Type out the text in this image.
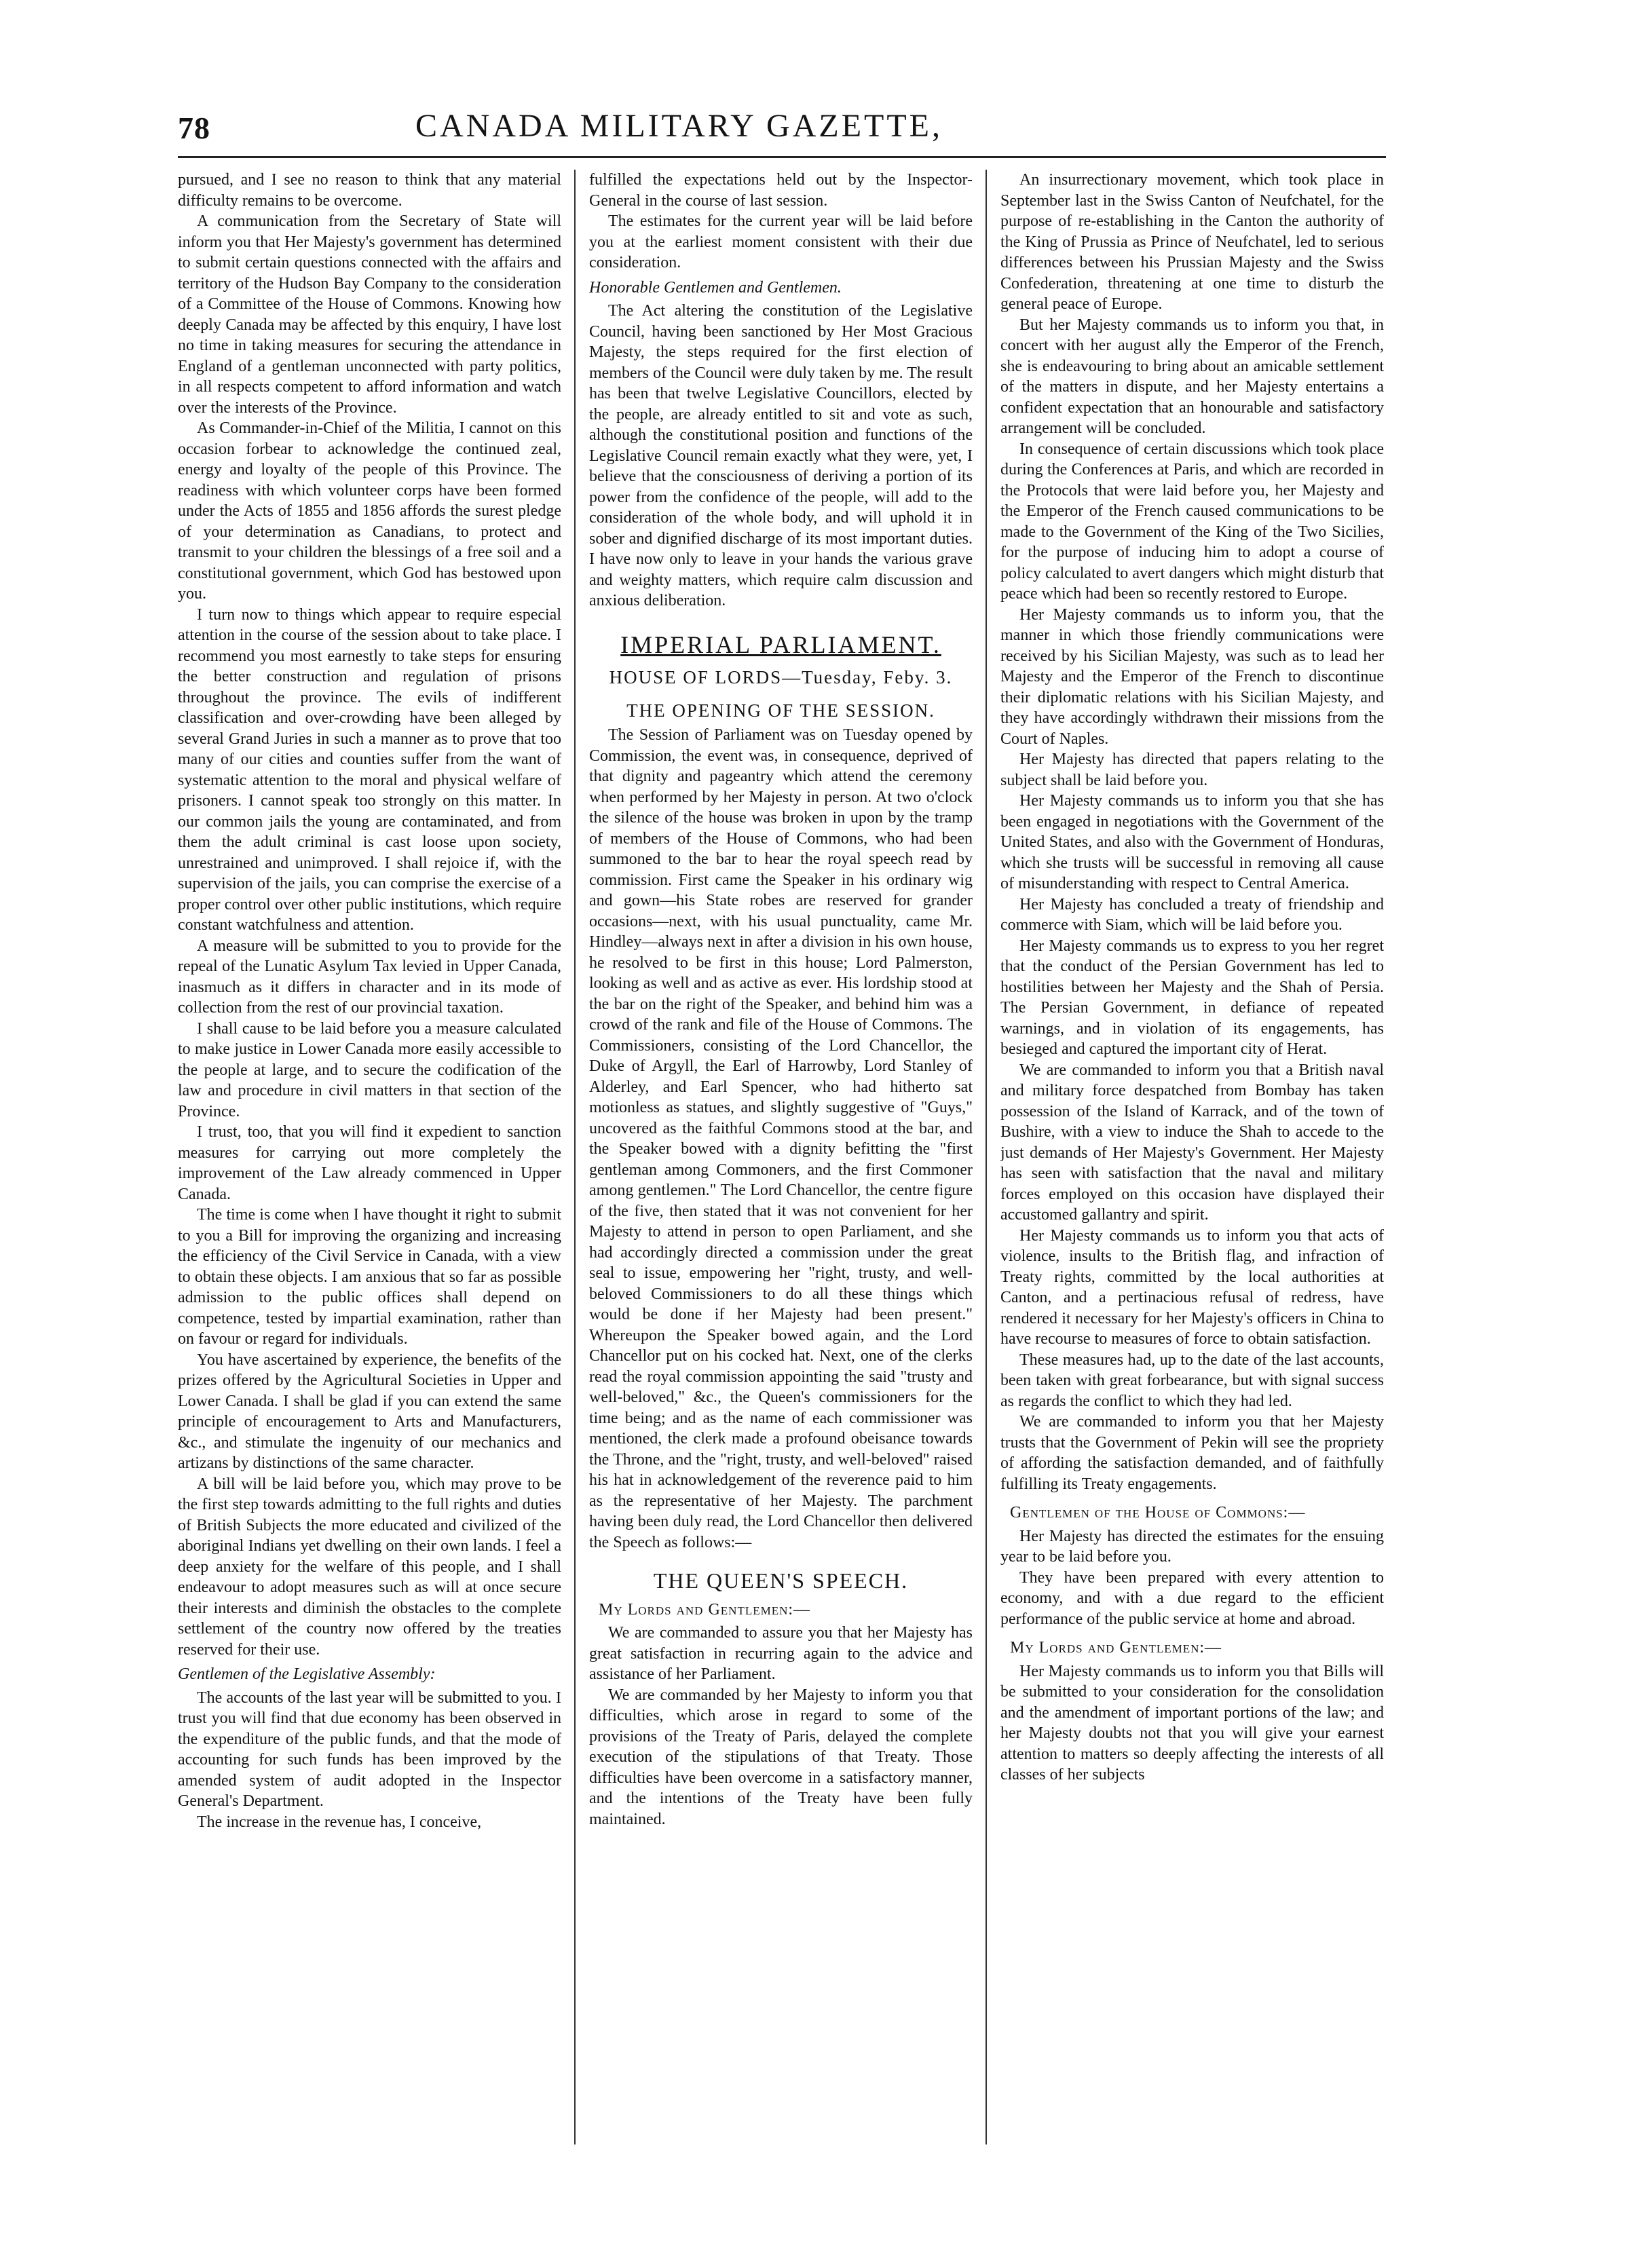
78	CANADA MILITARY GAZETTE,

pursued, and I see no reason to think that any material difficulty remains to be overcome.

A communication from the Secretary of State will inform you that Her Majesty's government has determined to submit certain questions connected with the affairs and territory of the Hudson Bay Company to the consideration of a Committee of the House of Commons. Knowing how deeply Canada may be affected by this enquiry, I have lost no time in taking measures for securing the attendance in England of a gentleman unconnected with party politics, in all respects competent to afford information and watch over the interests of the Province.

As Commander-in-Chief of the Militia, I cannot on this occasion forbear to acknowledge the continued zeal, energy and loyalty of the people of this Province. The readiness with which volunteer corps have been formed under the Acts of 1855 and 1856 affords the surest pledge of your determination as Canadians, to protect and transmit to your children the blessings of a free soil and a constitutional government, which God has bestowed upon you.

I turn now to things which appear to require especial attention in the course of the session about to take place. I recommend you most earnestly to take steps for ensuring the better construction and regulation of prisons throughout the province. The evils of indifferent classification and over-crowding have been alleged by several Grand Juries in such a manner as to prove that too many of our cities and counties suffer from the want of systematic attention to the moral and physical welfare of prisoners. I cannot speak too strongly on this matter. In our common jails the young are contaminated, and from them the adult criminal is cast loose upon society, unrestrained and unimproved. I shall rejoice if, with the supervision of the jails, you can comprise the exercise of a proper control over other public institutions, which require constant watchfulness and attention.

A measure will be submitted to you to provide for the repeal of the Lunatic Asylum Tax levied in Upper Canada, inasmuch as it differs in character and in its mode of collection from the rest of our provincial taxation.

I shall cause to be laid before you a measure calculated to make justice in Lower Canada more easily accessible to the people at large, and to secure the codification of the law and procedure in civil matters in that section of the Province.

I trust, too, that you will find it expedient to sanction measures for carrying out more completely the improvement of the Law already commenced in Upper Canada.

The time is come when I have thought it right to submit to you a Bill for improving the organizing and increasing the efficiency of the Civil Service in Canada, with a view to obtain these objects. I am anxious that so far as possible admission to the public offices shall depend on competence, tested by impartial examination, rather than on favour or regard for individuals.

You have ascertained by experience, the benefits of the prizes offered by the Agricultural Societies in Upper and Lower Canada. I shall be glad if you can extend the same principle of encouragement to Arts and Manufacturers, &c., and stimulate the ingenuity of our mechanics and artizans by distinctions of the same character.

A bill will be laid before you, which may prove to be the first step towards admitting to the full rights and duties of British Subjects the more educated and civilized of the aboriginal Indians yet dwelling on their own lands. I feel a deep anxiety for the welfare of this people, and I shall endeavour to adopt measures such as will at once secure their interests and diminish the obstacles to the complete settlement of the country now offered by the treaties reserved for their use.

Gentlemen of the Legislative Assembly:

The accounts of the last year will be submitted to you. I trust you will find that due economy has been observed in the expenditure of the public funds, and that the mode of accounting for such funds has been improved by the amended system of audit adopted in the Inspector General's Department.

The increase in the revenue has, I conceive,

fulfilled the expectations held out by the Inspector-General in the course of last session.

The estimates for the current year will be laid before you at the earliest moment consistent with their due consideration.

Honorable Gentlemen and Gentlemen.

The Act altering the constitution of the Legislative Council, having been sanctioned by Her Most Gracious Majesty, the steps required for the first election of members of the Council were duly taken by me. The result has been that twelve Legislative Councillors, elected by the people, are already entitled to sit and vote as such, although the constitutional position and functions of the Legislative Council remain exactly what they were, yet, I believe that the consciousness of deriving a portion of its power from the confidence of the people, will add to the consideration of the whole body, and will uphold it in sober and dignified discharge of its most important duties. I have now only to leave in your hands the various grave and weighty matters, which require calm discussion and anxious deliberation.

IMPERIAL PARLIAMENT.
HOUSE OF LORDS—Tuesday, Feby. 3.
THE OPENING OF THE SESSION.

The Session of Parliament was on Tuesday opened by Commission, the event was, in consequence, deprived of that dignity and pageantry which attend the ceremony when performed by her Majesty in person. At two o'clock the silence of the house was broken in upon by the tramp of members of the House of Commons, who had been summoned to the bar to hear the royal speech read by commission. First came the Speaker in his ordinary wig and gown—his State robes are reserved for grander occasions—next, with his usual punctuality, came Mr. Hindley—always next in after a division in his own house, he resolved to be first in this house; Lord Palmerston, looking as well and as active as ever. His lordship stood at the bar on the right of the Speaker, and behind him was a crowd of the rank and file of the House of Commons. The Commissioners, consisting of the Lord Chancellor, the Duke of Argyll, the Earl of Harrowby, Lord Stanley of Alderley, and Earl Spencer, who had hitherto sat motionless as statues, and slightly suggestive of "Guys," uncovered as the faithful Commons stood at the bar, and the Speaker bowed with a dignity befitting the "first gentleman among Commoners, and the first Commoner among gentlemen." The Lord Chancellor, the centre figure of the five, then stated that it was not convenient for her Majesty to attend in person to open Parliament, and she had accordingly directed a commission under the great seal to issue, empowering her "right, trusty, and well-beloved Commissioners to do all these things which would be done if her Majesty had been present." Whereupon the Speaker bowed again, and the Lord Chancellor put on his cocked hat. Next, one of the clerks read the royal commission appointing the said "trusty and well-beloved," &c., the Queen's commissioners for the time being; and as the name of each commissioner was mentioned, the clerk made a profound obeisance towards the Throne, and the "right, trusty, and well-beloved" raised his hat in acknowledgement of the reverence paid to him as the representative of her Majesty. The parchment having been duly read, the Lord Chancellor then delivered the Speech as follows:—

THE QUEEN'S SPEECH.

My Lords and Gentlemen:—

We are commanded to assure you that her Majesty has great satisfaction in recurring again to the advice and assistance of her Parliament.

We are commanded by her Majesty to inform you that difficulties, which arose in regard to some of the provisions of the Treaty of Paris, delayed the complete execution of the stipulations of that Treaty. Those difficulties have been overcome in a satisfactory manner, and the intentions of the Treaty have been fully maintained.

An insurrectionary movement, which took place in September last in the Swiss Canton of Neufchatel, for the purpose of re-establishing in the Canton the authority of the King of Prussia as Prince of Neufchatel, led to serious differences between his Prussian Majesty and the Swiss Confederation, threatening at one time to disturb the general peace of Europe.

But her Majesty commands us to inform you that, in concert with her august ally the Emperor of the French, she is endeavouring to bring about an amicable settlement of the matters in dispute, and her Majesty entertains a confident expectation that an honourable and satisfactory arrangement will be concluded.

In consequence of certain discussions which took place during the Conferences at Paris, and which are recorded in the Protocols that were laid before you, her Majesty and the Emperor of the French caused communications to be made to the Government of the King of the Two Sicilies, for the purpose of inducing him to adopt a course of policy calculated to avert dangers which might disturb that peace which had been so recently restored to Europe.

Her Majesty commands us to inform you, that the manner in which those friendly communications were received by his Sicilian Majesty, was such as to lead her Majesty and the Emperor of the French to discontinue their diplomatic relations with his Sicilian Majesty, and they have accordingly withdrawn their missions from the Court of Naples.

Her Majesty has directed that papers relating to the subject shall be laid before you.

Her Majesty commands us to inform you that she has been engaged in negotiations with the Government of the United States, and also with the Government of Honduras, which she trusts will be successful in removing all cause of misunderstanding with respect to Central America.

Her Majesty has concluded a treaty of friendship and commerce with Siam, which will be laid before you.

Her Majesty commands us to express to you her regret that the conduct of the Persian Government has led to hostilities between her Majesty and the Shah of Persia. The Persian Government, in defiance of repeated warnings, and in violation of its engagements, has besieged and captured the important city of Herat.

We are commanded to inform you that a British naval and military force despatched from Bombay has taken possession of the Island of Karrack, and of the town of Bushire, with a view to induce the Shah to accede to the just demands of Her Majesty's Government. Her Majesty has seen with satisfaction that the naval and military forces employed on this occasion have displayed their accustomed gallantry and spirit.

Her Majesty commands us to inform you that acts of violence, insults to the British flag, and infraction of Treaty rights, committed by the local authorities at Canton, and a pertinacious refusal of redress, have rendered it necessary for her Majesty's officers in China to have recourse to measures of force to obtain satisfaction.

These measures had, up to the date of the last accounts, been taken with great forbearance, but with signal success as regards the conflict to which they had led.

We are commanded to inform you that her Majesty trusts that the Government of Pekin will see the propriety of affording the satisfaction demanded, and of faithfully fulfilling its Treaty engagements.

Gentlemen of the House of Commons:—

Her Majesty has directed the estimates for the ensuing year to be laid before you.

They have been prepared with every attention to economy, and with a due regard to the efficient performance of the public service at home and abroad.

My Lords and Gentlemen:—

Her Majesty commands us to inform you that Bills will be submitted to your consideration for the consolidation and the amendment of important portions of the law; and her Majesty doubts not that you will give your earnest attention to matters so deeply affecting the interests of all classes of her subjects
